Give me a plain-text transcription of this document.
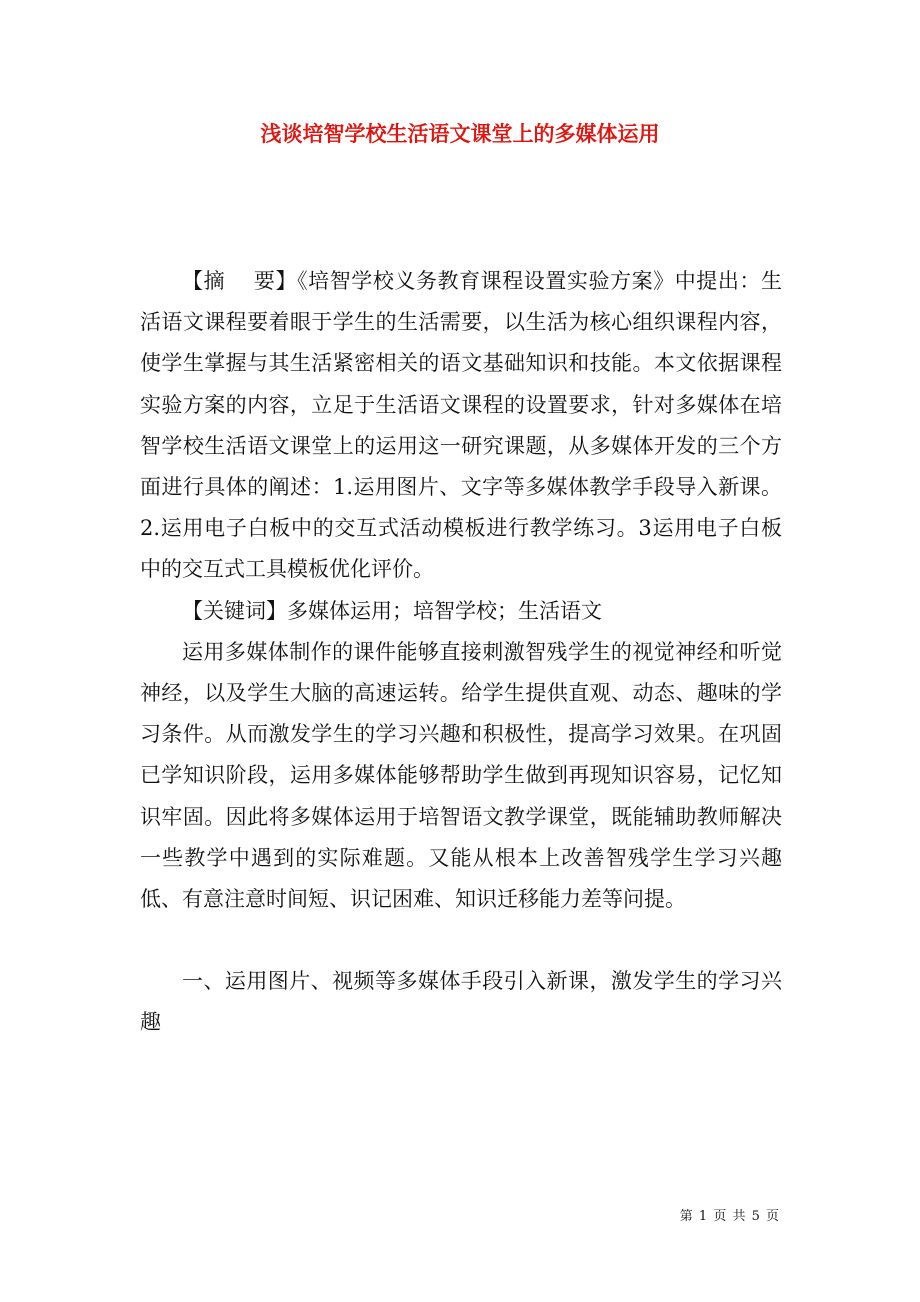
浅谈培智学校生活语文课堂上的多媒体运用

【摘　 要】《培智学校义务教育课程设置实验方案》中提出：生活语文课程要着眼于学生的生活需要，以生活为核心组织课程内容，使学生掌握与其生活紧密相关的语文基础知识和技能。本文依据课程实验方案的内容，立足于生活语文课程的设置要求，针对多媒体在培智学校生活语文课堂上的运用这一研究课题，从多媒体开发的三个方面进行具体的阐述：1.运用图片、文字等多媒体教学手段导入新课。2.运用电子白板中的交互式活动模板进行教学练习。3运用电子白板中的交互式工具模板优化评价。

【关键词】多媒体运用；培智学校；生活语文

运用多媒体制作的课件能够直接刺激智残学生的视觉神经和听觉神经，以及学生大脑的高速运转。给学生提供直观、动态、趣味的学习条件。从而激发学生的学习兴趣和积极性，提高学习效果。在巩固已学知识阶段，运用多媒体能够帮助学生做到再现知识容易，记忆知识牢固。因此将多媒体运用于培智语文教学课堂，既能辅助教师解决一些教学中遇到的实际难题。又能从根本上改善智残学生学习兴趣低、有意注意时间短、识记困难、知识迁移能力差等问提。

一、运用图片、视频等多媒体手段引入新课，激发学生的学习兴趣

第 1 页 共 5 页
